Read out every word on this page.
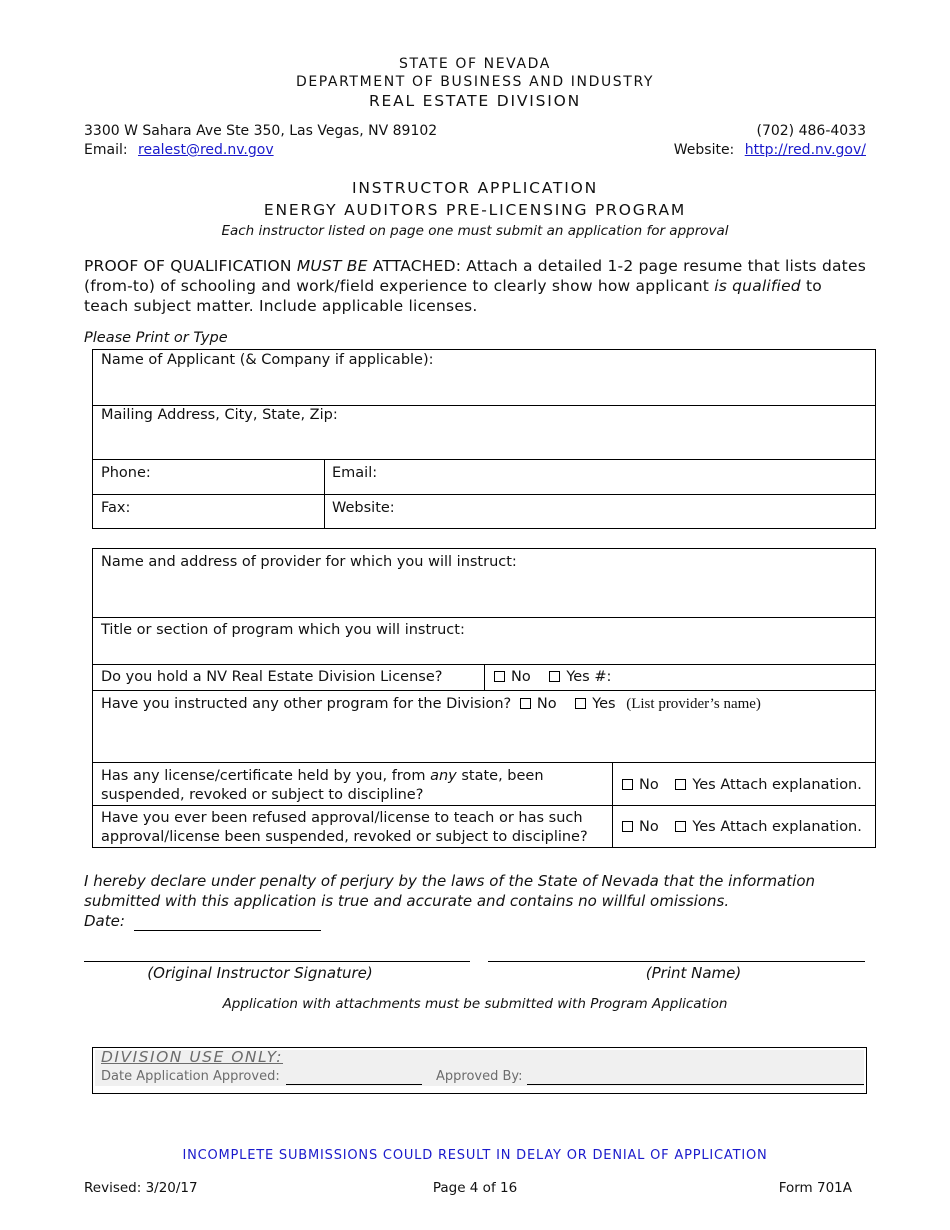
STATE OF NEVADA
DEPARTMENT OF BUSINESS AND INDUSTRY
REAL ESTATE DIVISION
3300 W Sahara Ave Ste 350, Las Vegas, NV 89102	(702) 486-4033
Email: realest@red.nv.gov	Website: http://red.nv.gov/
INSTRUCTOR APPLICATION
ENERGY AUDITORS PRE-LICENSING PROGRAM
Each instructor listed on page one must submit an application for approval
PROOF OF QUALIFICATION MUST BE ATTACHED: Attach a detailed 1-2 page resume that lists dates (from-to) of schooling and work/field experience to clearly show how applicant is qualified to teach subject matter. Include applicable licenses.
Please Print or Type
Name of Applicant (& Company if applicable):
Mailing Address, City, State, Zip:
Phone:	Email:
Fax:	Website:
Name and address of provider for which you will instruct:
Title or section of program which you will instruct:
Do you hold a NV Real Estate Division License?	No Yes #:
Have you instructed any other program for the Division? No Yes (List provider’s name)
Has any license/certificate held by you, from any state, been suspended, revoked or subject to discipline?
No Yes Attach explanation.
Have you ever been refused approval/license to teach or has such approval/license been suspended, revoked or subject to discipline?
No Yes Attach explanation.
I hereby declare under penalty of perjury by the laws of the State of Nevada that the information submitted with this application is true and accurate and contains no willful omissions.
Date:
(Original Instructor Signature)	(Print Name)
Application with attachments must be submitted with Program Application
DIVISION USE ONLY:
Date Application Approved:	Approved By:
INCOMPLETE SUBMISSIONS COULD RESULT IN DELAY OR DENIAL OF APPLICATION
Revised: 3/20/17	Page 4 of 16	Form 701A
